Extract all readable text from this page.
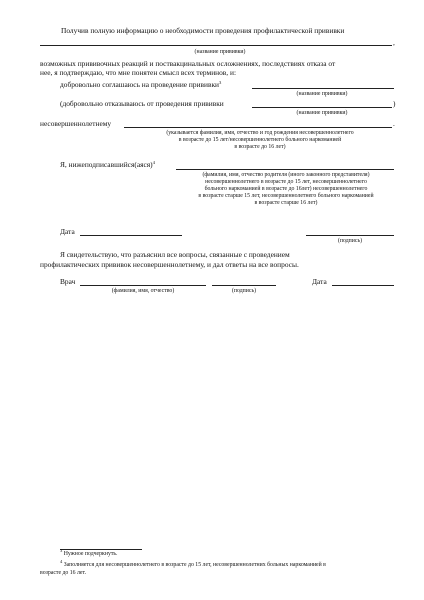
Получив полную информацию о необходимости проведения профилактической прививки
,
(название прививки)
возможных прививочных реакций и поствакцинальных осложнениях, последствиях отказа от
нее, я подтверждаю, что мне понятен смысл всех терминов, и:
добровольно соглашаюсь на проведение прививки$^3$
(название прививки)
(добровольно отказываюсь от проведения прививки	)
(название прививки)
несовершеннолетнему	.
(указывается фамилия, имя, отчество и год рождения несовершеннолетнего
в возрасте до 15 лет/несовершеннолетнего больного наркоманией
в возрасте до 16 лет)
Я, нижеподписавшийся(аяся)$^4$
(фамилия, имя, отчество родителя (иного законного представителя)
несовершеннолетнего в возрасте до 15 лет, несовершеннолетнего
больного наркоманией в возрасте до 16лет) несовершеннолетнего
в возрасте старше 15 лет, несовершеннолетнего больного наркоманией
в возрасте старше 16 лет)
Дата
(подпись)
Я свидетельствую, что разъяснил все вопросы, связанные с проведением
профилактических прививок несовершеннолетнему, и дал ответы на все вопросы.
Врач
(фамилия, имя, отчество)	(подпись)
Дата
$^3$ Нужное подчеркнуть.
$^4$ Заполняется для несовершеннолетнего в возрасте до 15 лет, несовершеннолетних больных наркоманией в
возрасте до 16 лет.
